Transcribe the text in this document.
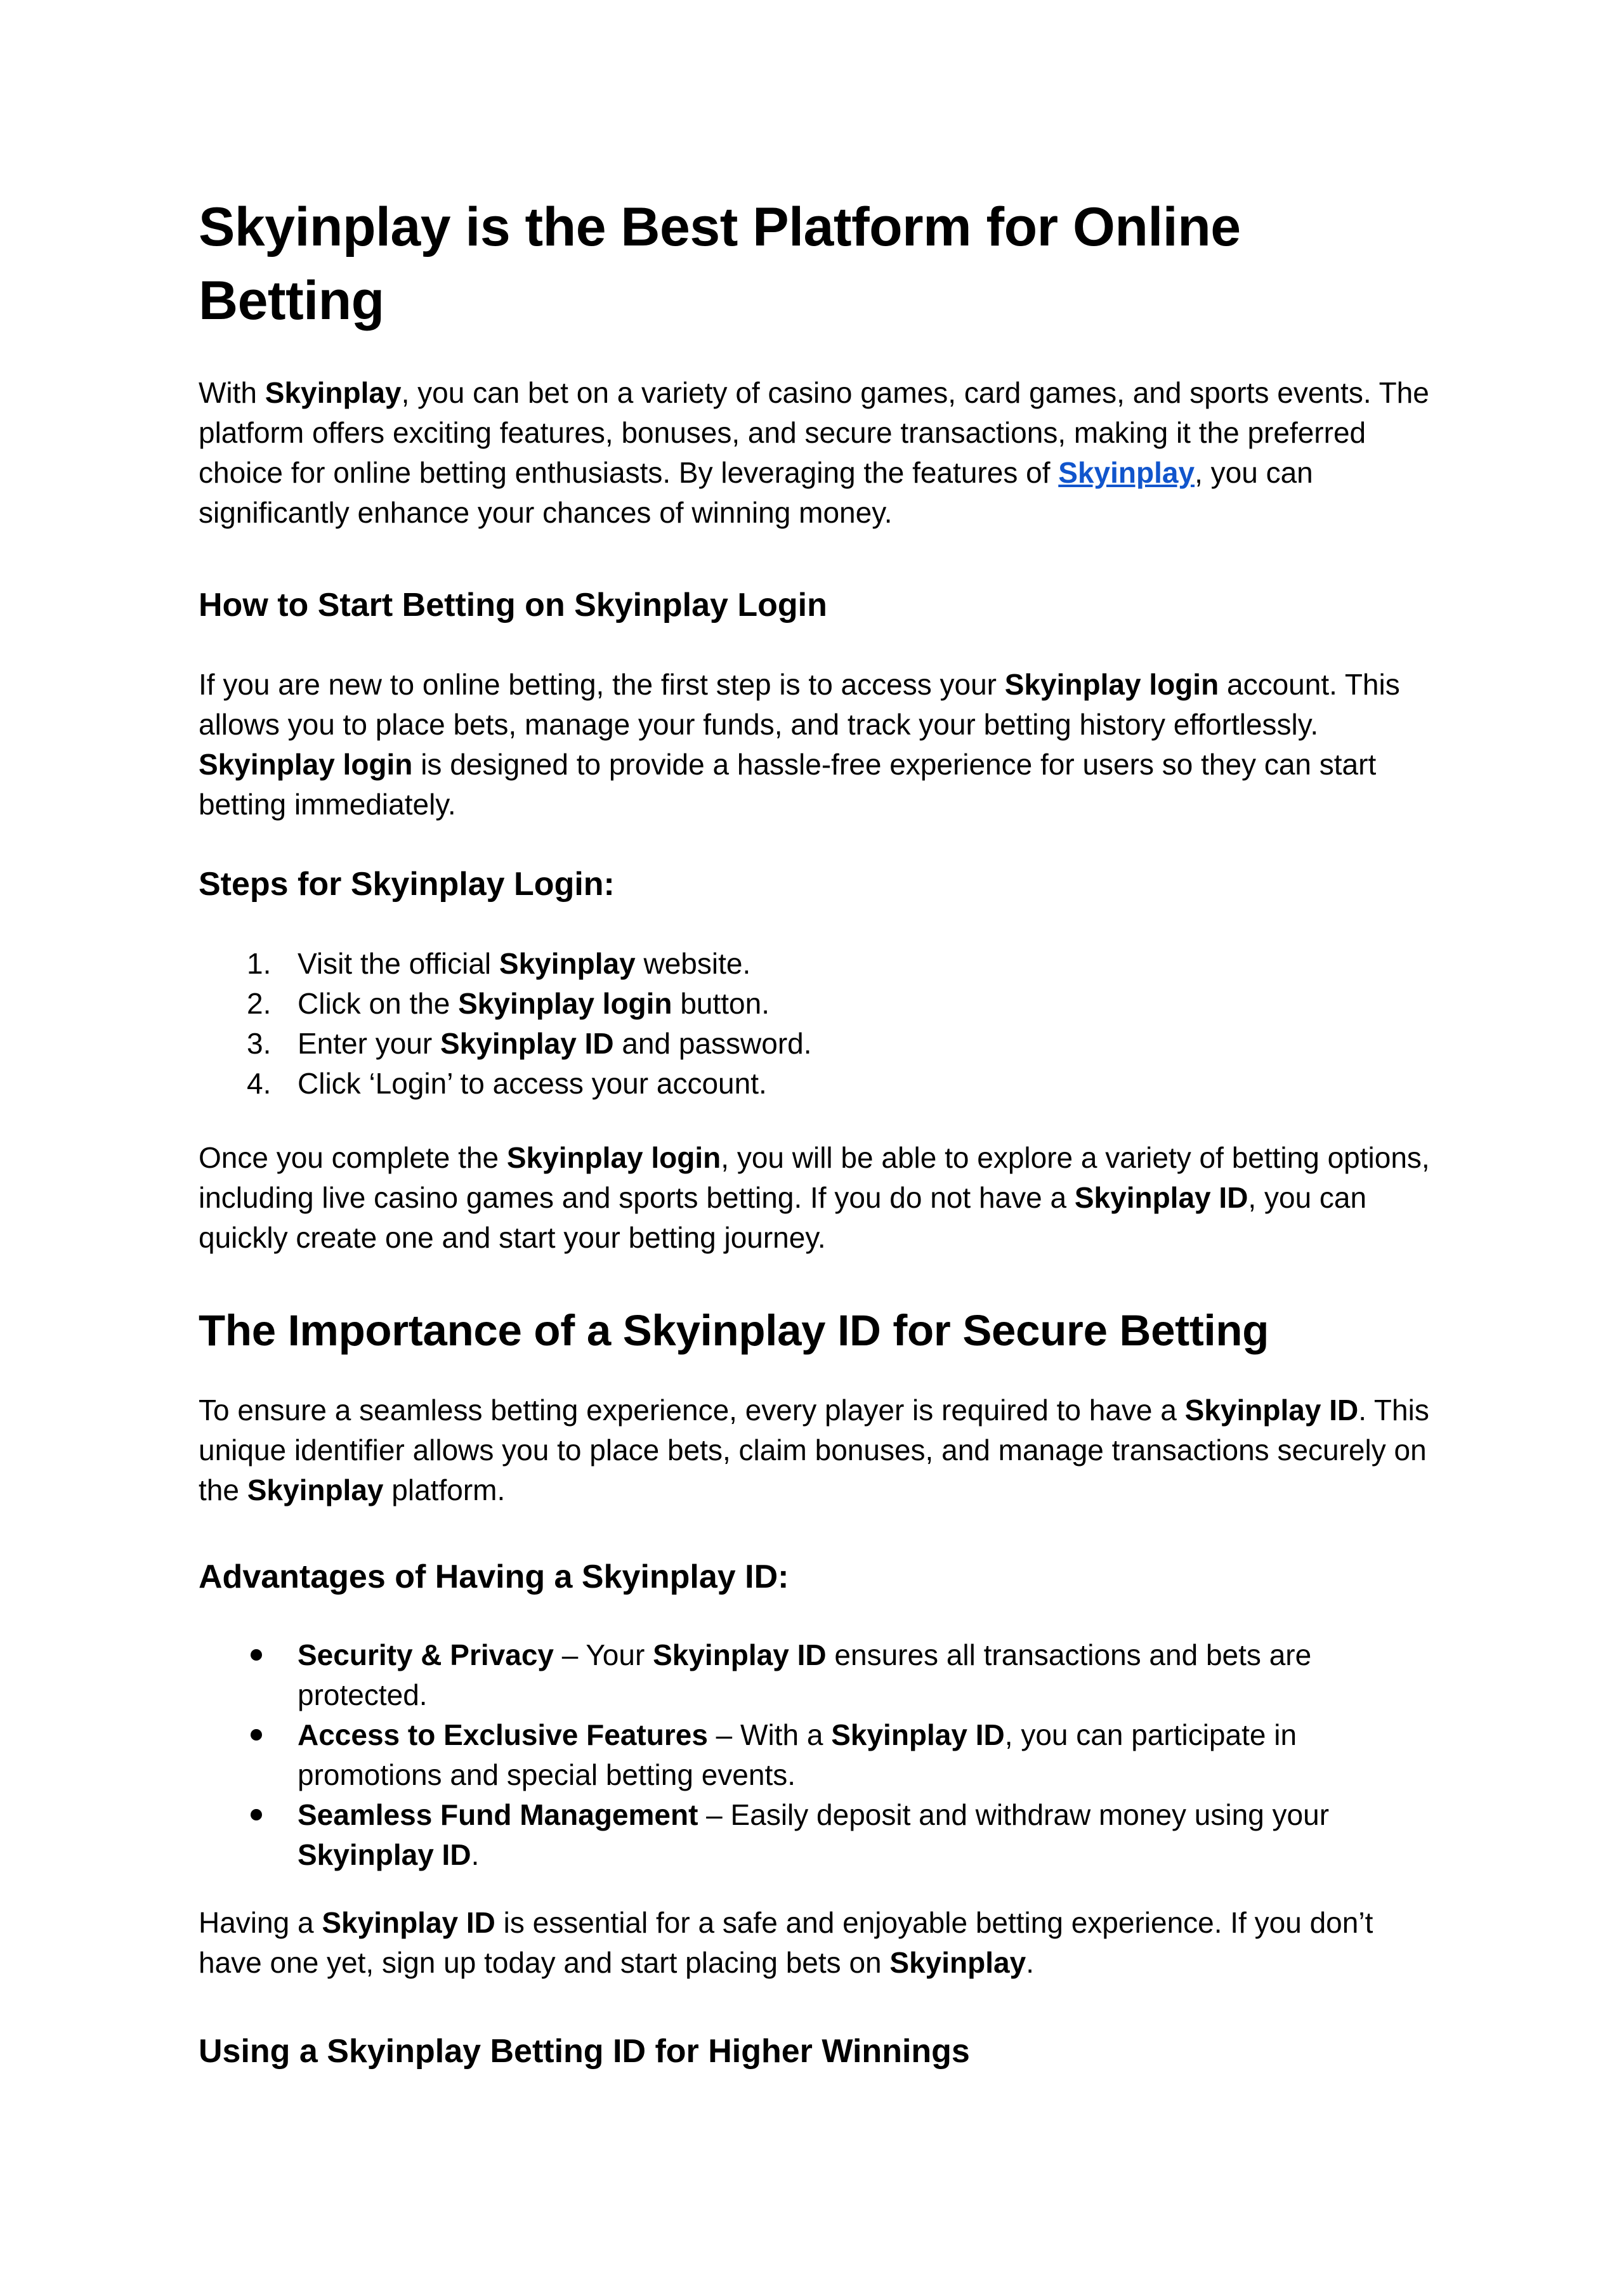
Skyinplay is the Best Platform for Online Betting

With Skyinplay, you can bet on a variety of casino games, card games, and sports events. The platform offers exciting features, bonuses, and secure transactions, making it the preferred choice for online betting enthusiasts. By leveraging the features of Skyinplay, you can significantly enhance your chances of winning money.

How to Start Betting on Skyinplay Login

If you are new to online betting, the first step is to access your Skyinplay login account. This allows you to place bets, manage your funds, and track your betting history effortlessly. Skyinplay login is designed to provide a hassle-free experience for users so they can start betting immediately.

Steps for Skyinplay Login:
1. Visit the official Skyinplay website.
2. Click on the Skyinplay login button.
3. Enter your Skyinplay ID and password.
4. Click ‘Login’ to access your account.

Once you complete the Skyinplay login, you will be able to explore a variety of betting options, including live casino games and sports betting. If you do not have a Skyinplay ID, you can quickly create one and start your betting journey.

The Importance of a Skyinplay ID for Secure Betting

To ensure a seamless betting experience, every player is required to have a Skyinplay ID. This unique identifier allows you to place bets, claim bonuses, and manage transactions securely on the Skyinplay platform.

Advantages of Having a Skyinplay ID:
Security & Privacy – Your Skyinplay ID ensures all transactions and bets are protected.
Access to Exclusive Features – With a Skyinplay ID, you can participate in promotions and special betting events.
Seamless Fund Management – Easily deposit and withdraw money using your Skyinplay ID.

Having a Skyinplay ID is essential for a safe and enjoyable betting experience. If you don’t have one yet, sign up today and start placing bets on Skyinplay.

Using a Skyinplay Betting ID for Higher Winnings
